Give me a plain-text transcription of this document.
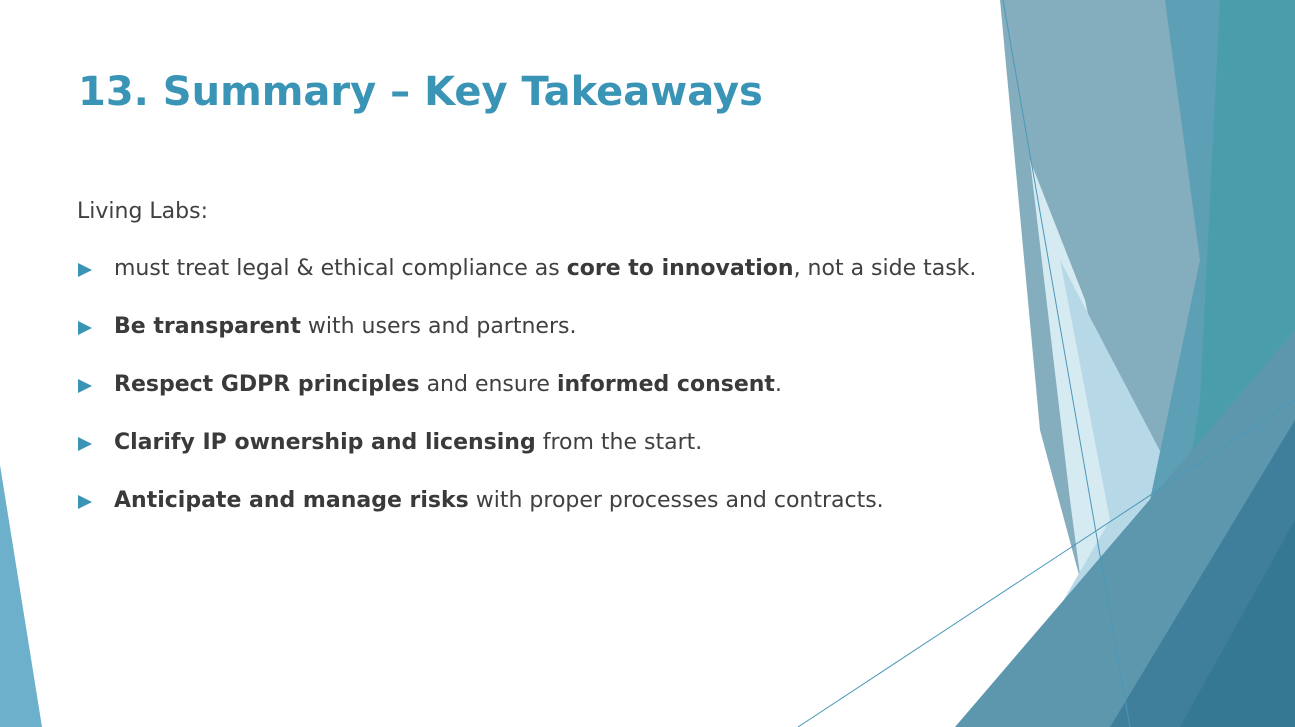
13. Summary – Key Takeaways
Living Labs:
must treat legal & ethical compliance as core to innovation, not a side task.
Be transparent with users and partners.
Respect GDPR principles and ensure informed consent.
Clarify IP ownership and licensing from the start.
Anticipate and manage risks with proper processes and contracts.
